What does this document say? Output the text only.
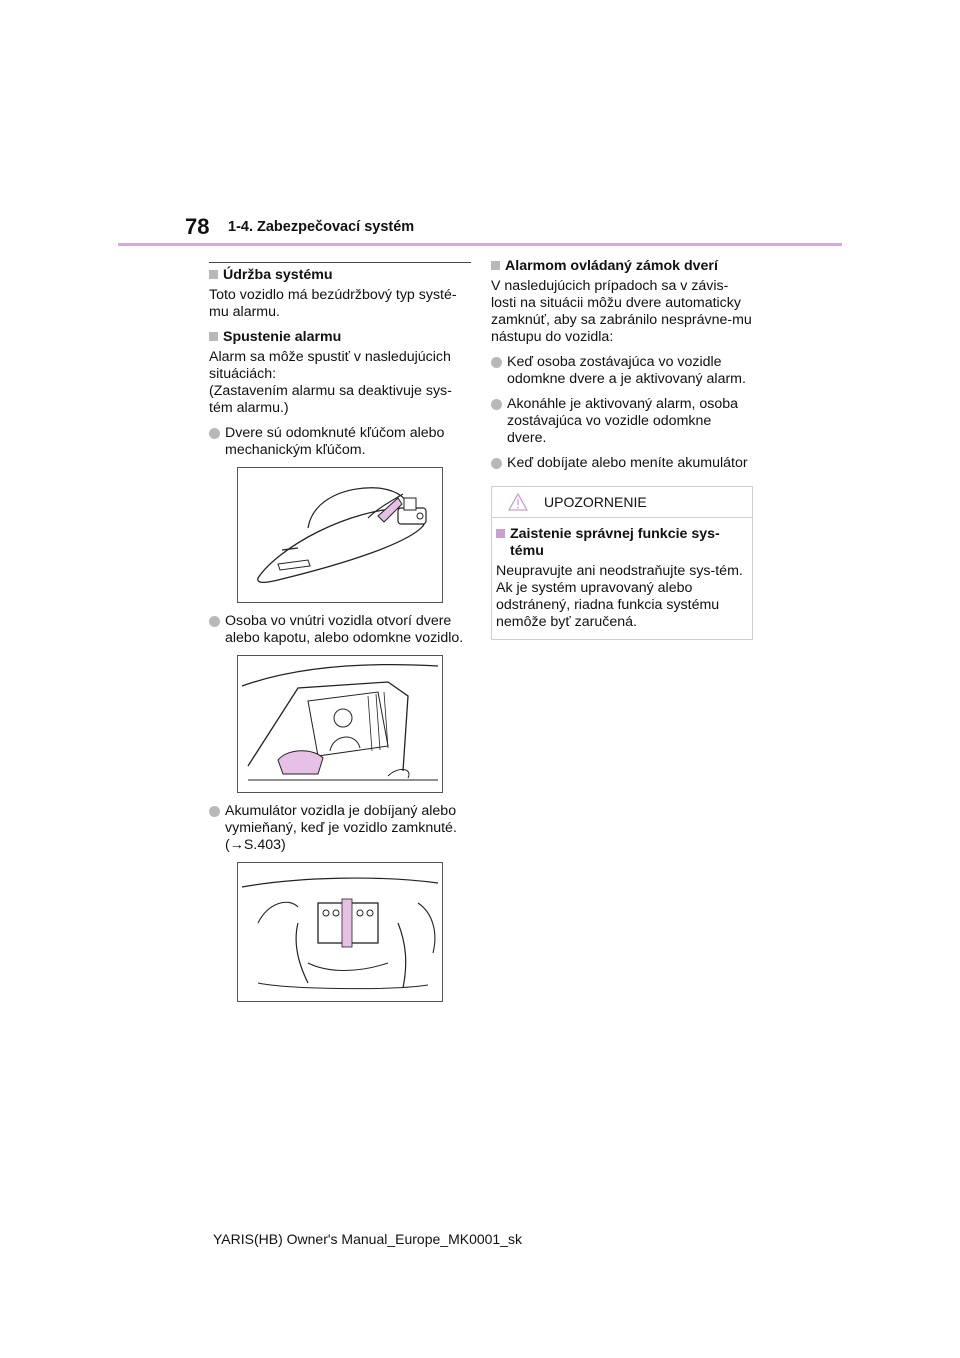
78 1-4. Zabezpečovací systém
Údržba systému

Toto vozidlo má bezúdržbový typ systé-mu alarmu.

Spustenie alarmu

Alarm sa môže spustiť v nasledujúcich situáciách:

(Zastavením alarmu sa deaktivuje sys-tém alarmu.)

Dvere sú odomknuté kľúčom alebo mechanickým kľúčom.
Osoba vo vnútri vozidla otvorí dvere alebo kapotu, alebo odomkne vozidlo.
Akumulátor vozidla je dobíjaný alebo vymieňaný, keď je vozidlo zamknuté.
(→S.403)
Alarmom ovládaný zámok dverí

V nasledujúcich prípadoch sa v závis-losti na situácii môžu dvere automaticky zamknúť, aby sa zabránilo nesprávne-mu nástupu do vozidla:

Keď osoba zostávajúca vo vozidle odomkne dvere a je aktivovaný alarm.
Akonáhle je aktivovaný alarm, osoba zostávajúca vo vozidle odomkne dvere.
Keď dobíjate alebo meníte akumulátor
UPOZORNENIE
Zaistenie správnej funkcie sys-tému

Neupravujte ani neodstraňujte sys-tém. Ak je systém upravovaný alebo odstránený, riadna funkcia systému nemôže byť zaručená.

YARIS(HB) Owner's Manual_Europe_MK0001_sk
